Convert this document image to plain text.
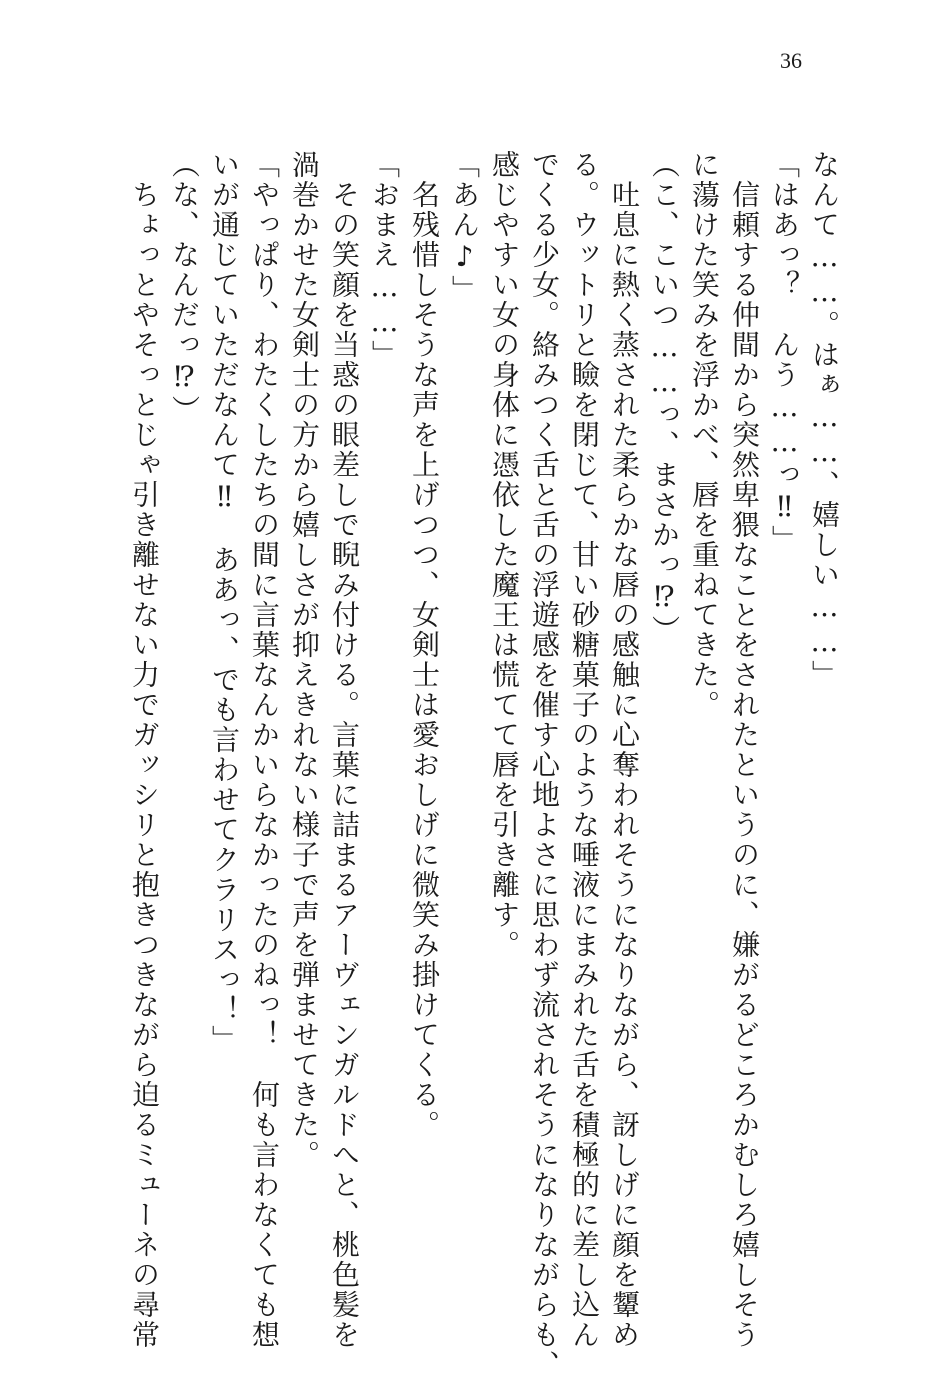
36
なんて……。はぁ……、嬉しい……」
「はあっ？　んう……っ‼」
　信頼する仲間から突然卑猥なことをされたというのに、嫌がるどころかむしろ嬉しそう
に蕩けた笑みを浮かべ、唇を重ねてきた。
（こ、こいつ……っ、まさかっ⁉）
　吐息に熱く蒸された柔らかな唇の感触に心奪われそうになりながら、訝しげに顔を顰め
る。ウットリと瞼を閉じて、甘い砂糖菓子のような唾液にまみれた舌を積極的に差し込ん
でくる少女。絡みつく舌と舌の浮遊感を催す心地よさに思わず流されそうになりながらも、
感じやすい女の身体に憑依した魔王は慌てて唇を引き離す。
「あん♪」
　名残惜しそうな声を上げつつ、女剣士は愛おしげに微笑み掛けてくる。
「おまえ……」
　その笑顔を当惑の眼差しで睨み付ける。言葉に詰まるアーヴェンガルドへと、桃色髪を
渦巻かせた女剣士の方から嬉しさが抑えきれない様子で声を弾ませてきた。
「やっぱり、わたくしたちの間に言葉なんかいらなかったのねっ！　何も言わなくても想
いが通じていただなんて‼　ああっ、でも言わせてクラリスっ！」
（な、なんだっ⁉）
　ちょっとやそっとじゃ引き離せない力でガッシリと抱きつきながら迫るミューネの尋常
